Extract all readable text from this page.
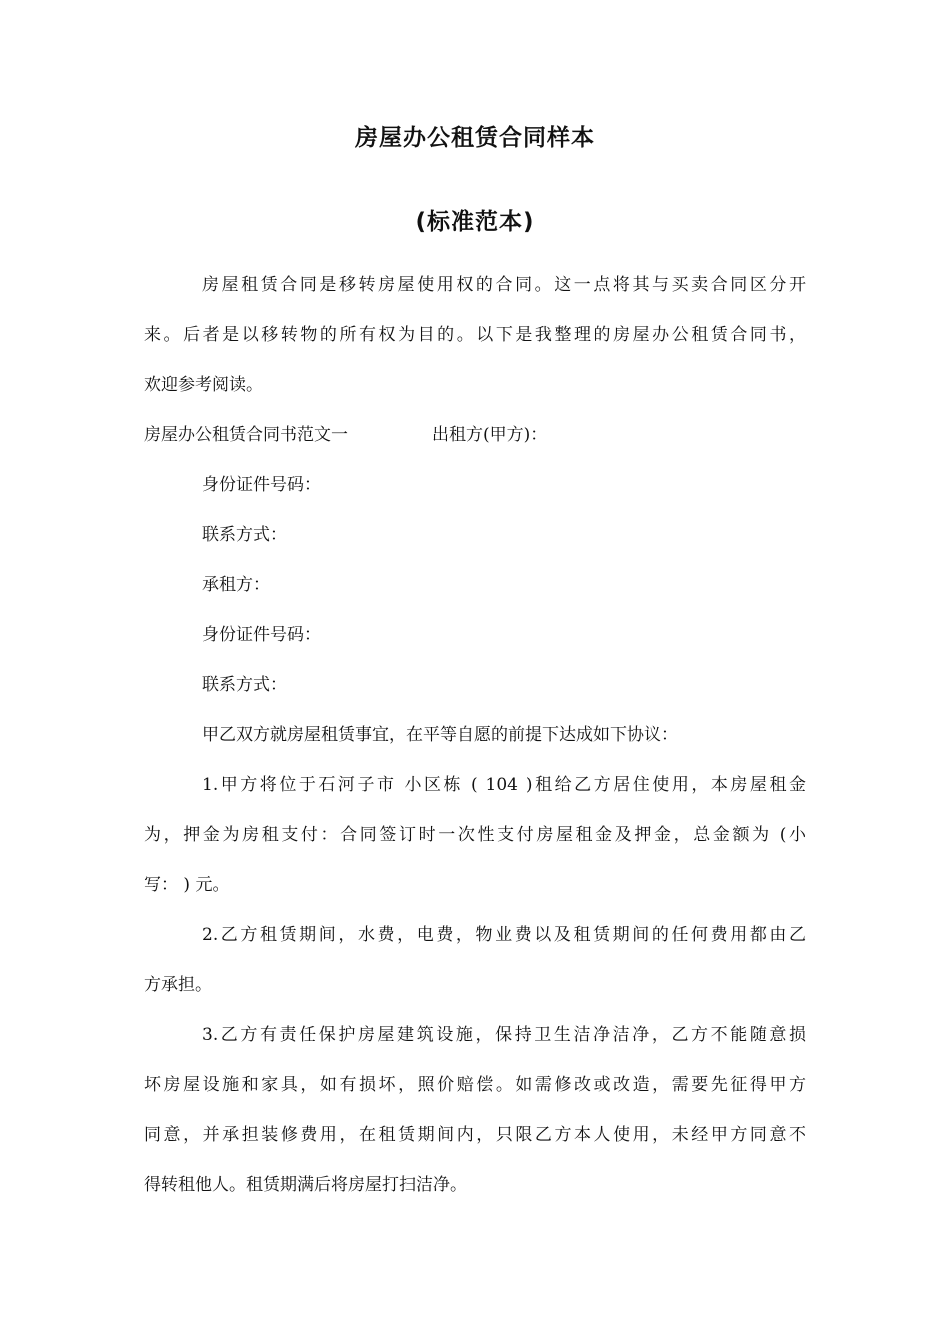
房屋办公租赁合同样本
(标准范本)
房屋租赁合同是移转房屋使用权的合同。这一点将其与买卖合同区分开
来。后者是以移转物的所有权为目的。以下是我整理的房屋办公租赁合同书，
欢迎参考阅读。
房屋办公租赁合同书范文一	出租方(甲方)：
身份证件号码：
联系方式：
承租方：
身份证件号码：
联系方式：
甲乙双方就房屋租赁事宜，在平等自愿的前提下达成如下协议：
1.甲方将位于石河子市 小区栋 ( 104 )租给乙方居住使用，本房屋租金
为，押金为房租支付：合同签订时一次性支付房屋租金及押金，总金额为 (小
写： ) 元。
2.乙方租赁期间，水费，电费，物业费以及租赁期间的任何费用都由乙
方承担。
3.乙方有责任保护房屋建筑设施，保持卫生洁净洁净，乙方不能随意损
坏房屋设施和家具，如有损坏，照价赔偿。如需修改或改造，需要先征得甲方
同意，并承担装修费用，在租赁期间内，只限乙方本人使用，未经甲方同意不
得转租他人。租赁期满后将房屋打扫洁净。
